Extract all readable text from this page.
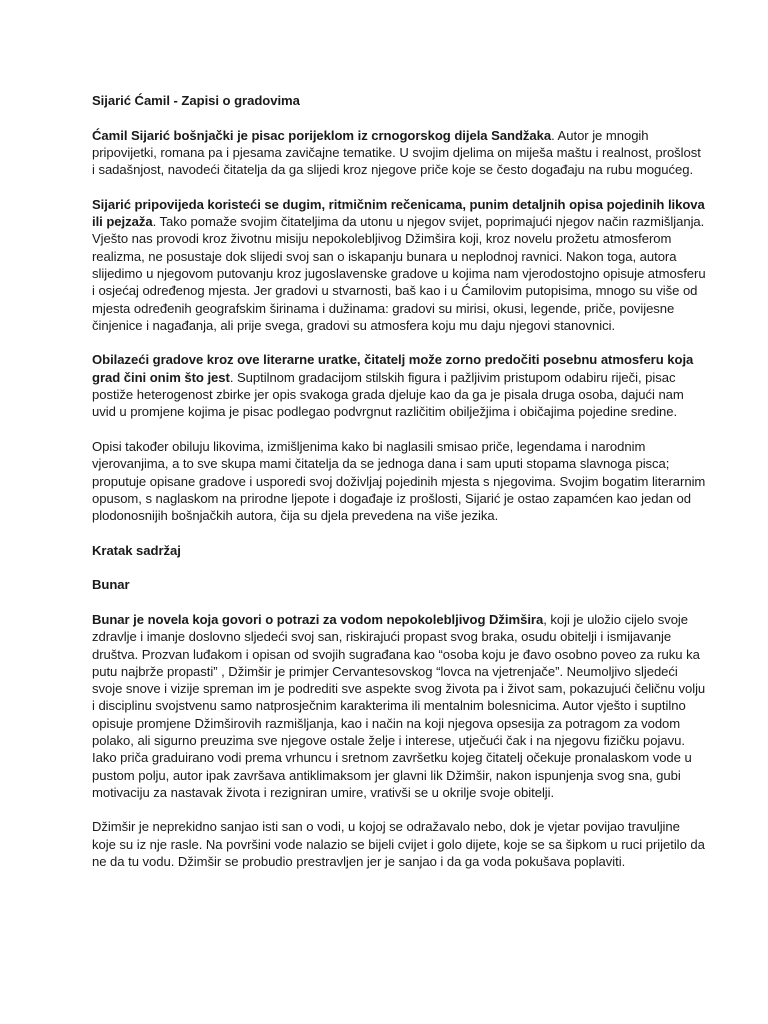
Sijarić Ćamil - Zapisi o gradovima

Ćamil Sijarić bošnjački je pisac porijeklom iz crnogorskog dijela Sandžaka. Autor je mnogih pripovijetki, romana pa i pjesama zavičajne tematike. U svojim djelima on miješa maštu i realnost, prošlost i sadašnjost, navodeći čitatelja da ga slijedi kroz njegove priče koje se često događaju na rubu mogućeg.

Sijarić pripovijeda koristeći se dugim, ritmičnim rečenicama, punim detaljnih opisa pojedinih likova ili pejzaža. Tako pomaže svojim čitateljima da utonu u njegov svijet, poprimajući njegov način razmišljanja. Vješto nas provodi kroz životnu misiju nepokolebljivog Džimšira koji, kroz novelu prožetu atmosferom realizma, ne posustaje dok slijedi svoj san o iskapanju bunara u neplodnoj ravnici. Nakon toga, autora slijedimo u njegovom putovanju kroz jugoslavenske gradove u kojima nam vjerodostojno opisuje atmosferu i osjećaj određenog mjesta. Jer gradovi u stvarnosti, baš kao i u Ćamilovim putopisima, mnogo su više od mjesta određenih geografskim širinama i dužinama: gradovi su mirisi, okusi, legende, priče, povijesne činjenice i nagađanja, ali prije svega, gradovi su atmosfera koju mu daju njegovi stanovnici.

Obilazeći gradove kroz ove literarne uratke, čitatelj može zorno predočiti posebnu atmosferu koja grad čini onim što jest. Suptilnom gradacijom stilskih figura i pažljivim pristupom odabiru riječi, pisac postiže heterogenost zbirke jer opis svakoga grada djeluje kao da ga je pisala druga osoba, dajući nam uvid u promjene kojima je pisac podlegao podvrgnut različitim obilježjima i običajima pojedine sredine.

Opisi također obiluju likovima, izmišljenima kako bi naglasili smisao priče, legendama i narodnim vjerovanjima, a to sve skupa mami čitatelja da se jednoga dana i sam uputi stopama slavnoga pisca; proputuje opisane gradove i usporedi svoj doživljaj pojedinih mjesta s njegovima. Svojim bogatim literarnim opusom, s naglaskom na prirodne ljepote i događaje iz prošlosti, Sijarić je ostao zapamćen kao jedan od plodonosnijih bošnjačkih autora, čija su djela prevedena na više jezika.

Kratak sadržaj

Bunar

Bunar je novela koja govori o potrazi za vodom nepokolebljivog Džimšira, koji je uložio cijelo svoje zdravlje i imanje doslovno sljedeći svoj san, riskirajući propast svog braka, osudu obitelji i ismijavanje društva. Prozvan luđakom i opisan od svojih sugrađana kao “osoba koju je đavo osobno poveo za ruku ka putu najbrže propasti” , Džimšir je primjer Cervantesovskog “lovca na vjetrenjače”. Neumoljivo sljedeći svoje snove i vizije spreman im je podrediti sve aspekte svog života pa i život sam, pokazujući čeličnu volju i disciplinu svojstvenu samo natprosječnim karakterima ili mentalnim bolesnicima. Autor vješto i suptilno opisuje promjene Džimširovih razmišljanja, kao i način na koji njegova opsesija za potragom za vodom polako, ali sigurno preuzima sve njegove ostale želje i interese, utječući čak i na njegovu fizičku pojavu. Iako priča graduirano vodi prema vrhuncu i sretnom završetku kojeg čitatelj očekuje pronalaskom vode u pustom polju, autor ipak završava antiklimaksom jer glavni lik Džimšir, nakon ispunjenja svog sna, gubi motivaciju za nastavak života i rezigniran umire, vrativši se u okrilje svoje obitelji.

Džimšir je neprekidno sanjao isti san o vodi, u kojoj se odražavalo nebo, dok je vjetar povijao travuljine koje su iz nje rasle. Na površini vode nalazio se bijeli cvijet i golo dijete, koje se sa šipkom u ruci prijetilo da ne da tu vodu. Džimšir se probudio prestravljen jer je sanjao i da ga voda pokušava poplaviti.
